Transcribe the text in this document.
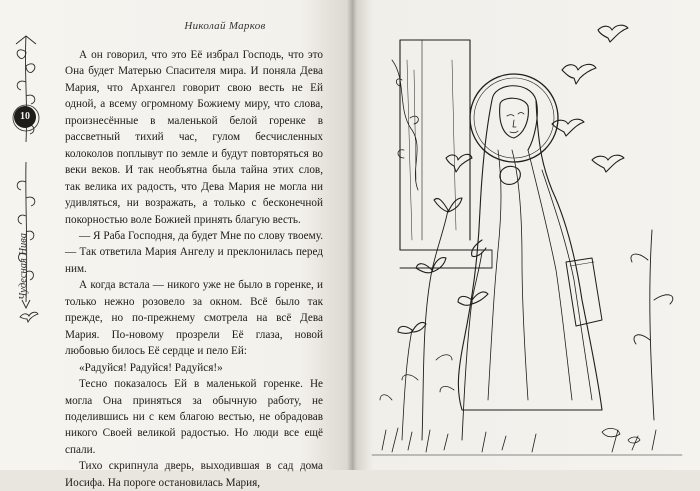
Николай Марков
10
Чудесная Нива

А он говорил, что это Её избрал Господь, что это Она будет Матерью Спасителя мира. И поняла Дева Мария, что Архангел говорит свою весть не Ей одной, а всему огромному Божиему миру, что слова, произнесённые в маленькой белой горенке в рассветный тихий час, гулом бесчисленных колоколов поплывут по земле и будут повторяться во веки веков. И так необъятна была тайна этих слов, так велика их радость, что Дева Мария не могла ни удивляться, ни возражать, а только с бесконечной покорностью воле Божией принять благую весть.

— Я Раба Господня, да будет Мне по слову твоему. — Так ответила Мария Ангелу и преклонилась перед ним.

А когда встала — никого уже не было в горенке, и только нежно розовело за окном. Всё было так прежде, но по-прежнему смотрела на всё Дева Мария. По-новому прозрели Её глаза, новой любовью билось Её сердце и пело Ей:

«Радуйся! Радуйся! Радуйся!»

Тесно показалось Ей в маленькой горенке. Не могла Она приняться за обычную работу, не поделившись ни с кем благою вестью, не обрадовав никого Своей великой радостью. Но люди все ещё спали.

Тихо скрипнула дверь, выходившая в сад дома Иосифа. На пороге остановилась Мария,
